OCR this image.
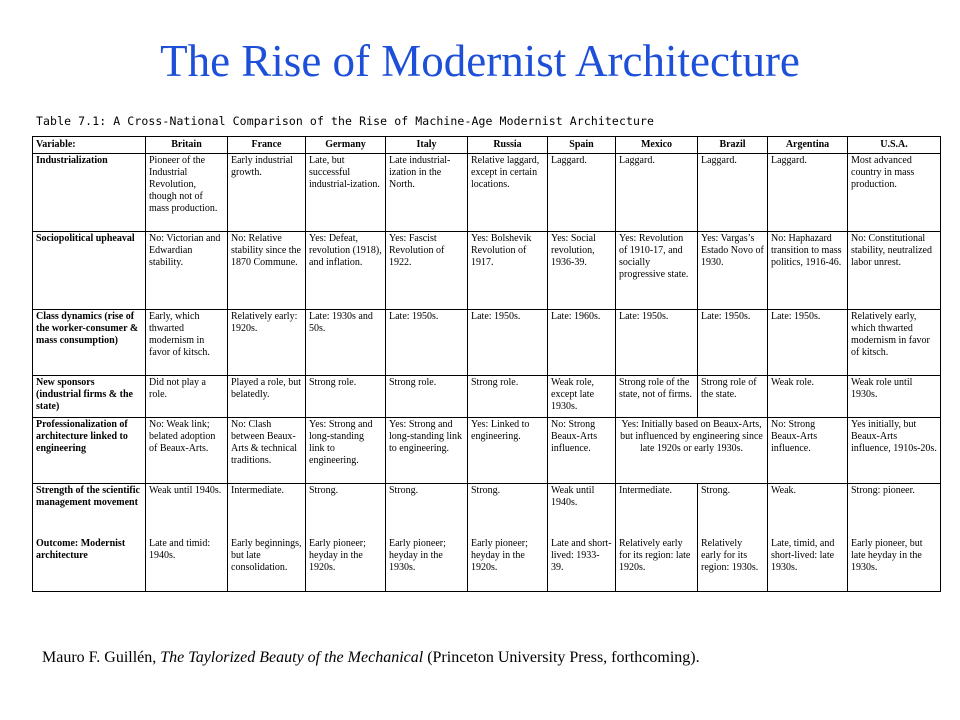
The Rise of Modernist Architecture
Table 7.1: A Cross-National Comparison of the Rise of Machine-Age Modernist Architecture
Variable:	Britain	France	Germany	Italy	Russia	Spain	Mexico	Brazil	Argentina	U.S.A.
Industrialization	Pioneer of the Industrial Revolution, though not of mass production.	Early industrial growth.	Late, but successful industrial-ization.	Late industrial-ization in the North.	Relative laggard, except in certain locations.	Laggard.	Laggard.	Laggard.	Laggard.	Most advanced country in mass production.
Sociopolitical upheaval	No: Victorian and Edwardian stability.	No: Relative stability since the 1870 Commune.	Yes: Defeat, revolution (1918), and inflation.	Yes: Fascist Revolution of 1922.	Yes: Bolshevik Revolution of 1917.	Yes: Social revolution, 1936-39.	Yes: Revolution of 1910-17, and socially progressive state.	Yes: Vargas’s Estado Novo of 1930.	No: Haphazard transition to mass politics, 1916-46.	No: Constitutional stability, neutralized labor unrest.
Class dynamics (rise of the worker-consumer & mass consumption)	Early, which thwarted modernism in favor of kitsch.	Relatively early: 1920s.	Late: 1930s and 50s.	Late: 1950s.	Late: 1950s.	Late: 1960s.	Late: 1950s.	Late: 1950s.	Late: 1950s.	Relatively early, which thwarted modernism in favor of kitsch.
New sponsors (industrial firms & the state)	Did not play a role.	Played a role, but belatedly.	Strong role.	Strong role.	Strong role.	Weak role, except late 1930s.	Strong role of the state, not of firms.	Strong role of the state.	Weak role.	Weak role until 1930s.
Professionalization of architecture linked to engineering	No: Weak link; belated adoption of Beaux-Arts.	No: Clash between Beaux-Arts & technical traditions.	Yes: Strong and long-standing link to engineering.	Yes: Strong and long-standing link to engineering.	Yes: Linked to engineering.	No: Strong Beaux-Arts influence.	Yes: Initially based on Beaux-Arts, but influenced by engineering since late 1920s or early 1930s.		No: Strong Beaux-Arts influence.	Yes initially, but Beaux-Arts influence, 1910s-20s.
Strength of the scientific management movement	Weak until 1940s.	Intermediate.	Strong.	Strong.	Strong.	Weak until 1940s.	Intermediate.	Strong.	Weak.	Strong: pioneer.
Outcome: Modernist architecture	Late and timid: 1940s.	Early beginnings, but late consolidation.	Early pioneer; heyday in the 1920s.	Early pioneer; heyday in the 1930s.	Early pioneer; heyday in the 1920s.	Late and short-lived: 1933-39.	Relatively early for its region: late 1920s.	Relatively early for its region: 1930s.	Late, timid, and short-lived: late 1930s.	Early pioneer, but late heyday in the 1930s.
Mauro F. Guillén, The Taylorized Beauty of the Mechanical (Princeton University Press, forthcoming).
